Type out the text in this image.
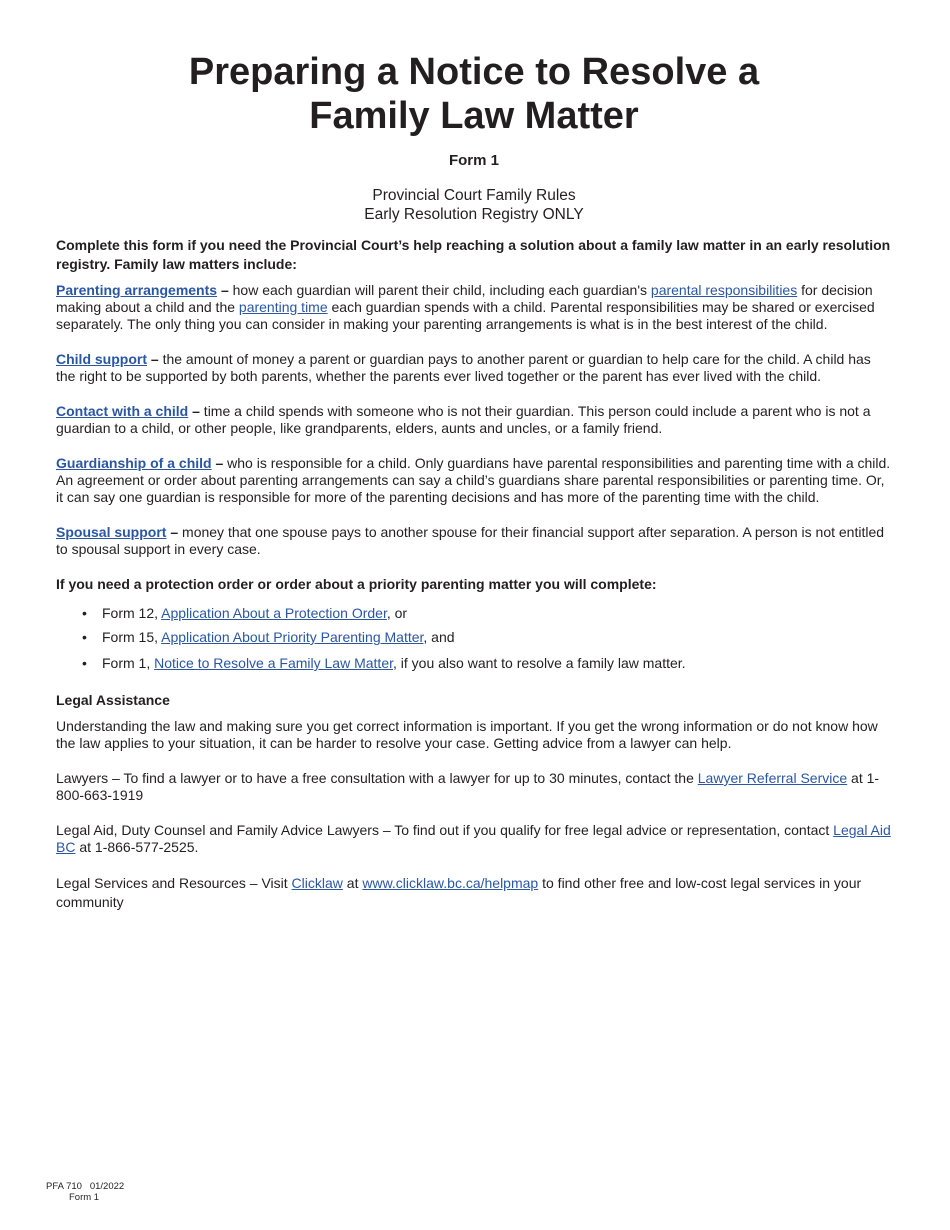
Preparing a Notice to Resolve a
Family Law Matter
Form 1
Provincial Court Family Rules
Early Resolution Registry ONLY

Complete this form if you need the Provincial Court’s help reaching a solution about a family law matter in an early resolution registry. Family law matters include:

Parenting arrangements – how each guardian will parent their child, including each guardian's parental responsibilities for decision making about a child and the parenting time each guardian spends with a child. Parental responsibilities may be shared or exercised separately. The only thing you can consider in making your parenting arrangements is what is in the best interest of the child.

Child support – the amount of money a parent or guardian pays to another parent or guardian to help care for the child. A child has the right to be supported by both parents, whether the parents ever lived together or the parent has ever lived with the child.

Contact with a child – time a child spends with someone who is not their guardian. This person could include a parent who is not a guardian to a child, or other people, like grandparents, elders, aunts and uncles, or a family friend.

Guardianship of a child – who is responsible for a child. Only guardians have parental responsibilities and parenting time with a child. An agreement or order about parenting arrangements can say a child’s guardians share parental responsibilities or parenting time. Or, it can say one guardian is responsible for more of the parenting decisions and has more of the parenting time with the child.

Spousal support – money that one spouse pays to another spouse for their financial support after separation. A person is not entitled to spousal support in every case.

If you need a protection order or order about a priority parenting matter you will complete:

• Form 12, Application About a Protection Order, or
• Form 15, Application About Priority Parenting Matter, and
• Form 1, Notice to Resolve a Family Law Matter, if you also want to resolve a family law matter.

Legal Assistance

Understanding the law and making sure you get correct information is important. If you get the wrong information or do not know how the law applies to your situation, it can be harder to resolve your case. Getting advice from a lawyer can help.

Lawyers – To find a lawyer or to have a free consultation with a lawyer for up to 30 minutes, contact the Lawyer Referral Service at 1-800-663-1919

Legal Aid, Duty Counsel and Family Advice Lawyers – To find out if you qualify for free legal advice or representation, contact Legal Aid BC at 1-866-577-2525.

Legal Services and Resources – Visit Clicklaw at www.clicklaw.bc.ca/helpmap to find other free and low-cost legal services in your community

PFA 710   01/2022
Form 1
